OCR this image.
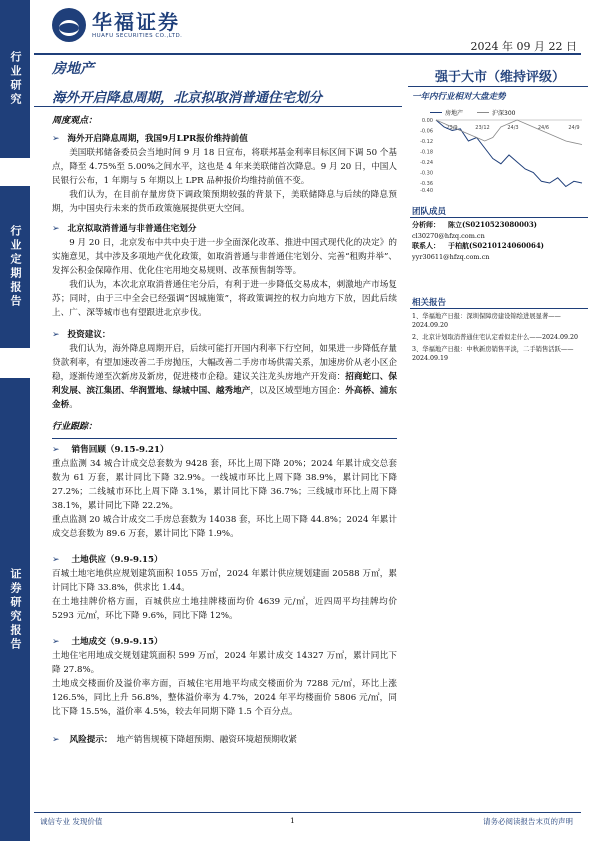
行业研究
行业定期报告
证券研究报告
华福证券
HUAFU SECURITIES CO.,LTD.
2024 年 09 月 22 日
房地产
海外开启降息周期，北京拟取消普通住宅划分
周度观点：
➢ 海外开启降息周期，我国9月LPR报价维持前值

美国联邦储备委员会当地时间 9 月 18 日宣布，将联邦基金利率目标区间下调 50 个基点，降至 4.75%至 5.00%之间水平，这也是 4 年来美联储首次降息。9 月 20 日，中国人民银行公布，1 年期与 5 年期以上 LPR 品种报价均维持前值不变。

我们认为，在目前存量房贷下调政策预期较强的背景下，美联储降息与后续的降息预期，为中国央行未来的货币政策施展提供更大空间。

➢ 北京拟取消普通与非普通住宅划分

9 月 20 日，北京发布中共中央于进一步全面深化改革、推进中国式现代化的决定》的实施意见，其中涉及多项地产优化政策，如取消普通与非普通住宅划分、完善“租购并举”、发挥公积金保障作用、优化住宅用地交易规则、改革预售制等等。

我们认为，本次北京取消普通住宅分后，有利于进一步降低交易成本，刺激地产市场复苏；同时，由于三中全会已经强调“因城施策”，将政策调控的权力向地方下放，因此后续上、广、深等城市也有望跟进北京步伐。

➢ 投资建议：

我们认为，海外降息周期开启，后续可能打开国内利率下行空间，如果进一步降低存量贷款利率，有望加速改善二手房抛压，大幅改善二手房市场供需关系，加速房价从老小区企稳，逐渐传递至次新房及新房，促进楼市企稳。建议关注龙头房地产开发商：招商蛇口、保利发展、滨江集团、华润置地、绿城中国、越秀地产，以及区域型地方国企：外高桥、浦东金桥。

行业跟踪：
➢ 销售回顾（9.15-9.21）

重点监测 34 城合计成交总套数为 9428 套，环比上周下降 20%；2024 年累计成交总套数为 61 万套，累计同比下降 32.9%。一线城市环比上周下降 38.9%，累计同比下降 27.2%；二线城市环比上周下降 3.1%，累计同比下降 36.7%；三线城市环比上周下降 38.1%，累计同比下降 22.2%。

重点监测 20 城合计成交二手房总套数为 14038 套，环比上周下降 44.8%；2024 年累计成交总套数为 89.6 万套，累计同比下降 1.9%。

➢ 土地供应（9.9-9.15）

百城土地宅地供应规划建筑面积 1055 万㎡，2024 年累计供应规划建面 20588 万㎡，累计同比下降 33.8%，供求比 1.44。

在土地挂牌价格方面，百城供应土地挂牌楼面均价 4639 元/㎡，近四周平均挂牌均价 5293 元/㎡，环比下降 9.6%，同比下降 12%。

➢ 土地成交（9.9-9.15）

土地住宅用地成交规划建筑面积 599 万㎡，2024 年累计成交 14327 万㎡，累计同比下降 27.8%。

土地成交楼面价及溢价率方面，百城住宅用地平均成交楼面价为 7288 元/㎡，环比上涨 126.5%，同比上升 56.8%，整体溢价率为 4.7%，2024 年平均楼面价 5806 元/㎡，同比下降 15.5%，溢价率 4.5%，较去年同期下降 1.5 个百分点。

➢ 风险提示： 地产销售规模下降超预期、融资环境超预期收紧
强于大市（维持评级）
一年内行业相对大盘走势
房地产	沪深300
0.00
-0.06
-0.12
-0.18
-0.24
-0.30
-0.36
-0.40
23/9	23/12	24/3	24/6	24/9
团队成员
分析师： 陈立(S0210523080003)
cl30270@hfzq.com.cn
联系人： 于柏航(S0210124060064)
yyr30611@hfzq.com.cn
相关报告
1、华福地产日报：深圳保障房建设锦绘进展显著——2024.09.20
2、北京计划取消普通住宅认定看似走什么——2024.09.20
3、华福地产日报：中秋新房销售平淡，二手销售活跃——2024.09.19
诚信专业 发现价值	1	请务必阅读报告末页的声明
